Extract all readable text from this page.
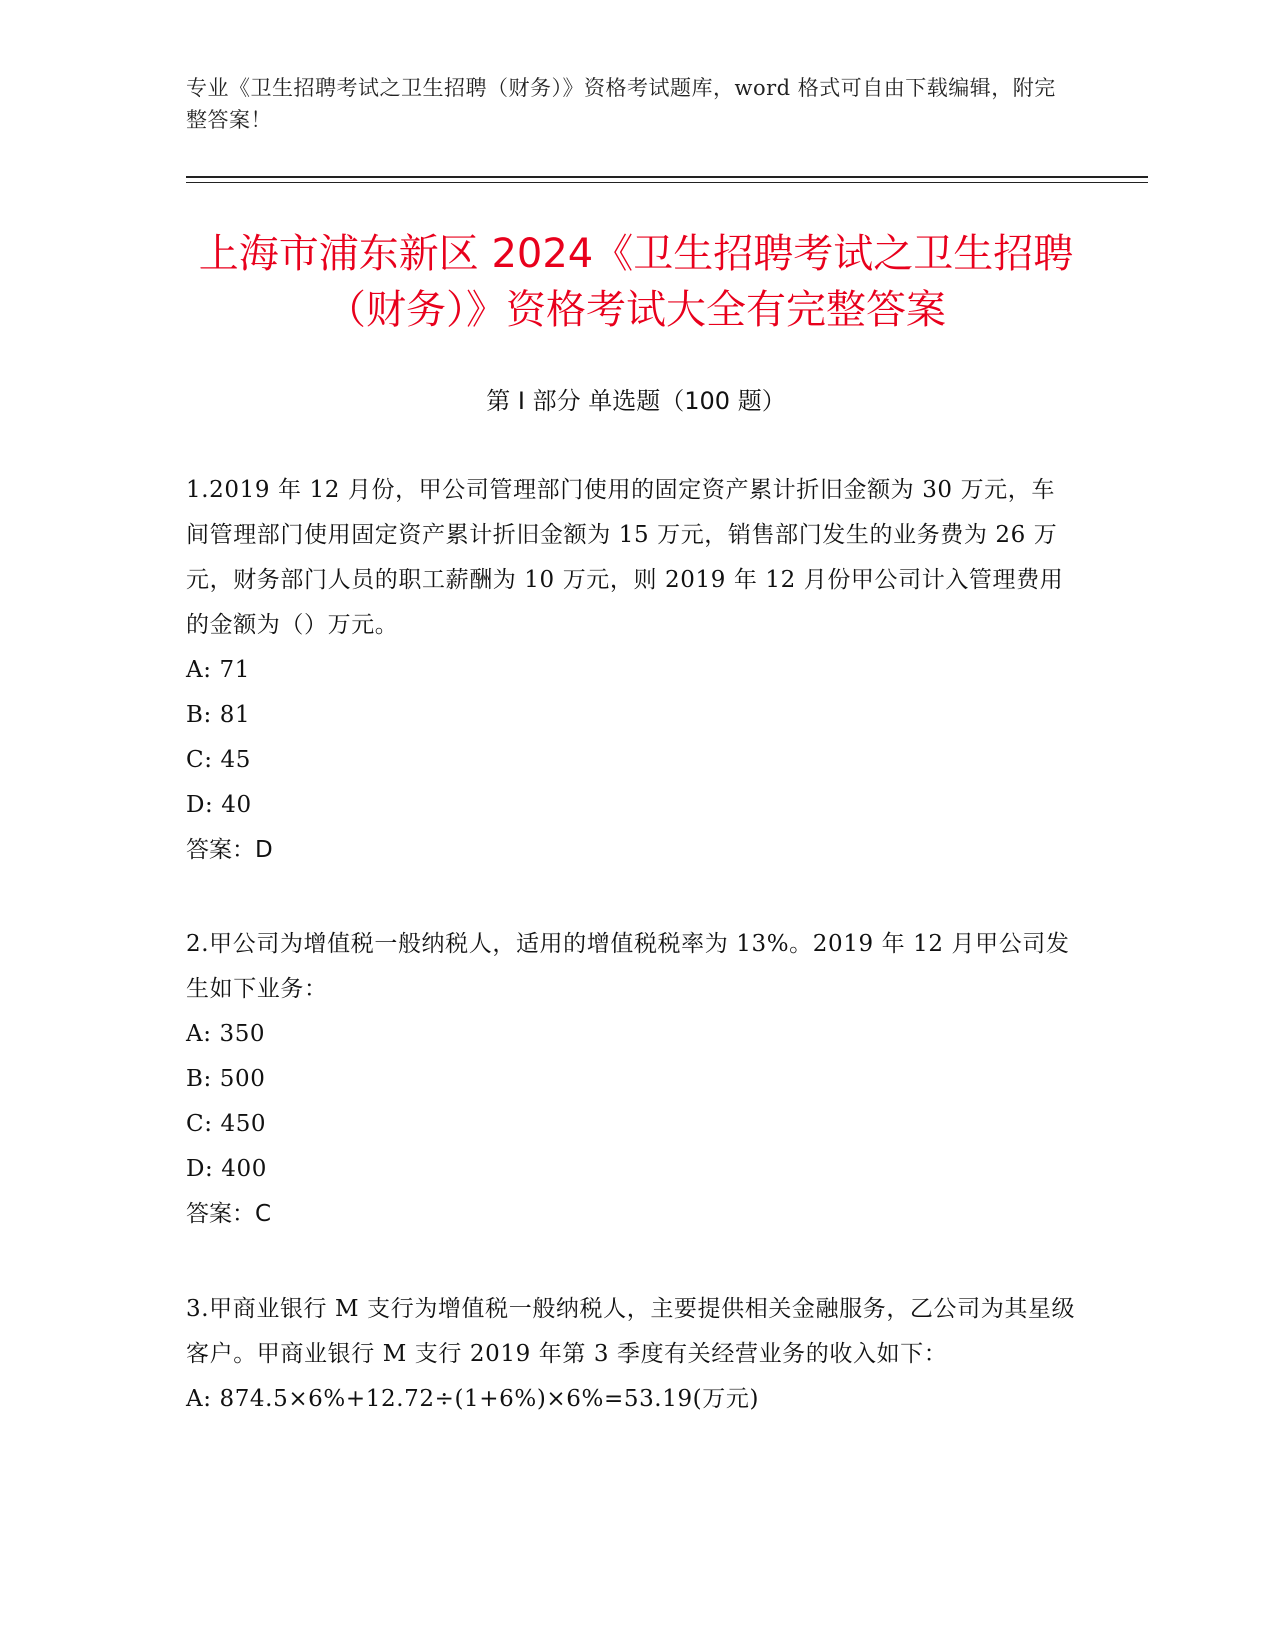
专业《卫生招聘考试之卫生招聘（财务）》资格考试题库，word 格式可自由下载编辑，附完整答案！
上海市浦东新区 2024《卫生招聘考试之卫生招聘（财务）》资格考试大全有完整答案
第 I 部分 单选题（100 题）
1.2019 年 12 月份，甲公司管理部门使用的固定资产累计折旧金额为 30 万元，车间管理部门使用固定资产累计折旧金额为 15 万元，销售部门发生的业务费为 26 万元，财务部门人员的职工薪酬为 10 万元，则 2019 年 12 月份甲公司计入管理费用的金额为（）万元。
A: 71
B: 81
C: 45
D: 40
答案：D
2.甲公司为增值税一般纳税人，适用的增值税税率为 13%。2019 年 12 月甲公司发生如下业务：
A: 350
B: 500
C: 450
D: 400
答案：C
3.甲商业银行 M 支行为增值税一般纳税人，主要提供相关金融服务，乙公司为其星级客户。甲商业银行 M 支行 2019 年第 3 季度有关经营业务的收入如下：
A: 874.5×6%+12.72÷(1+6%)×6%=53.19(万元)
